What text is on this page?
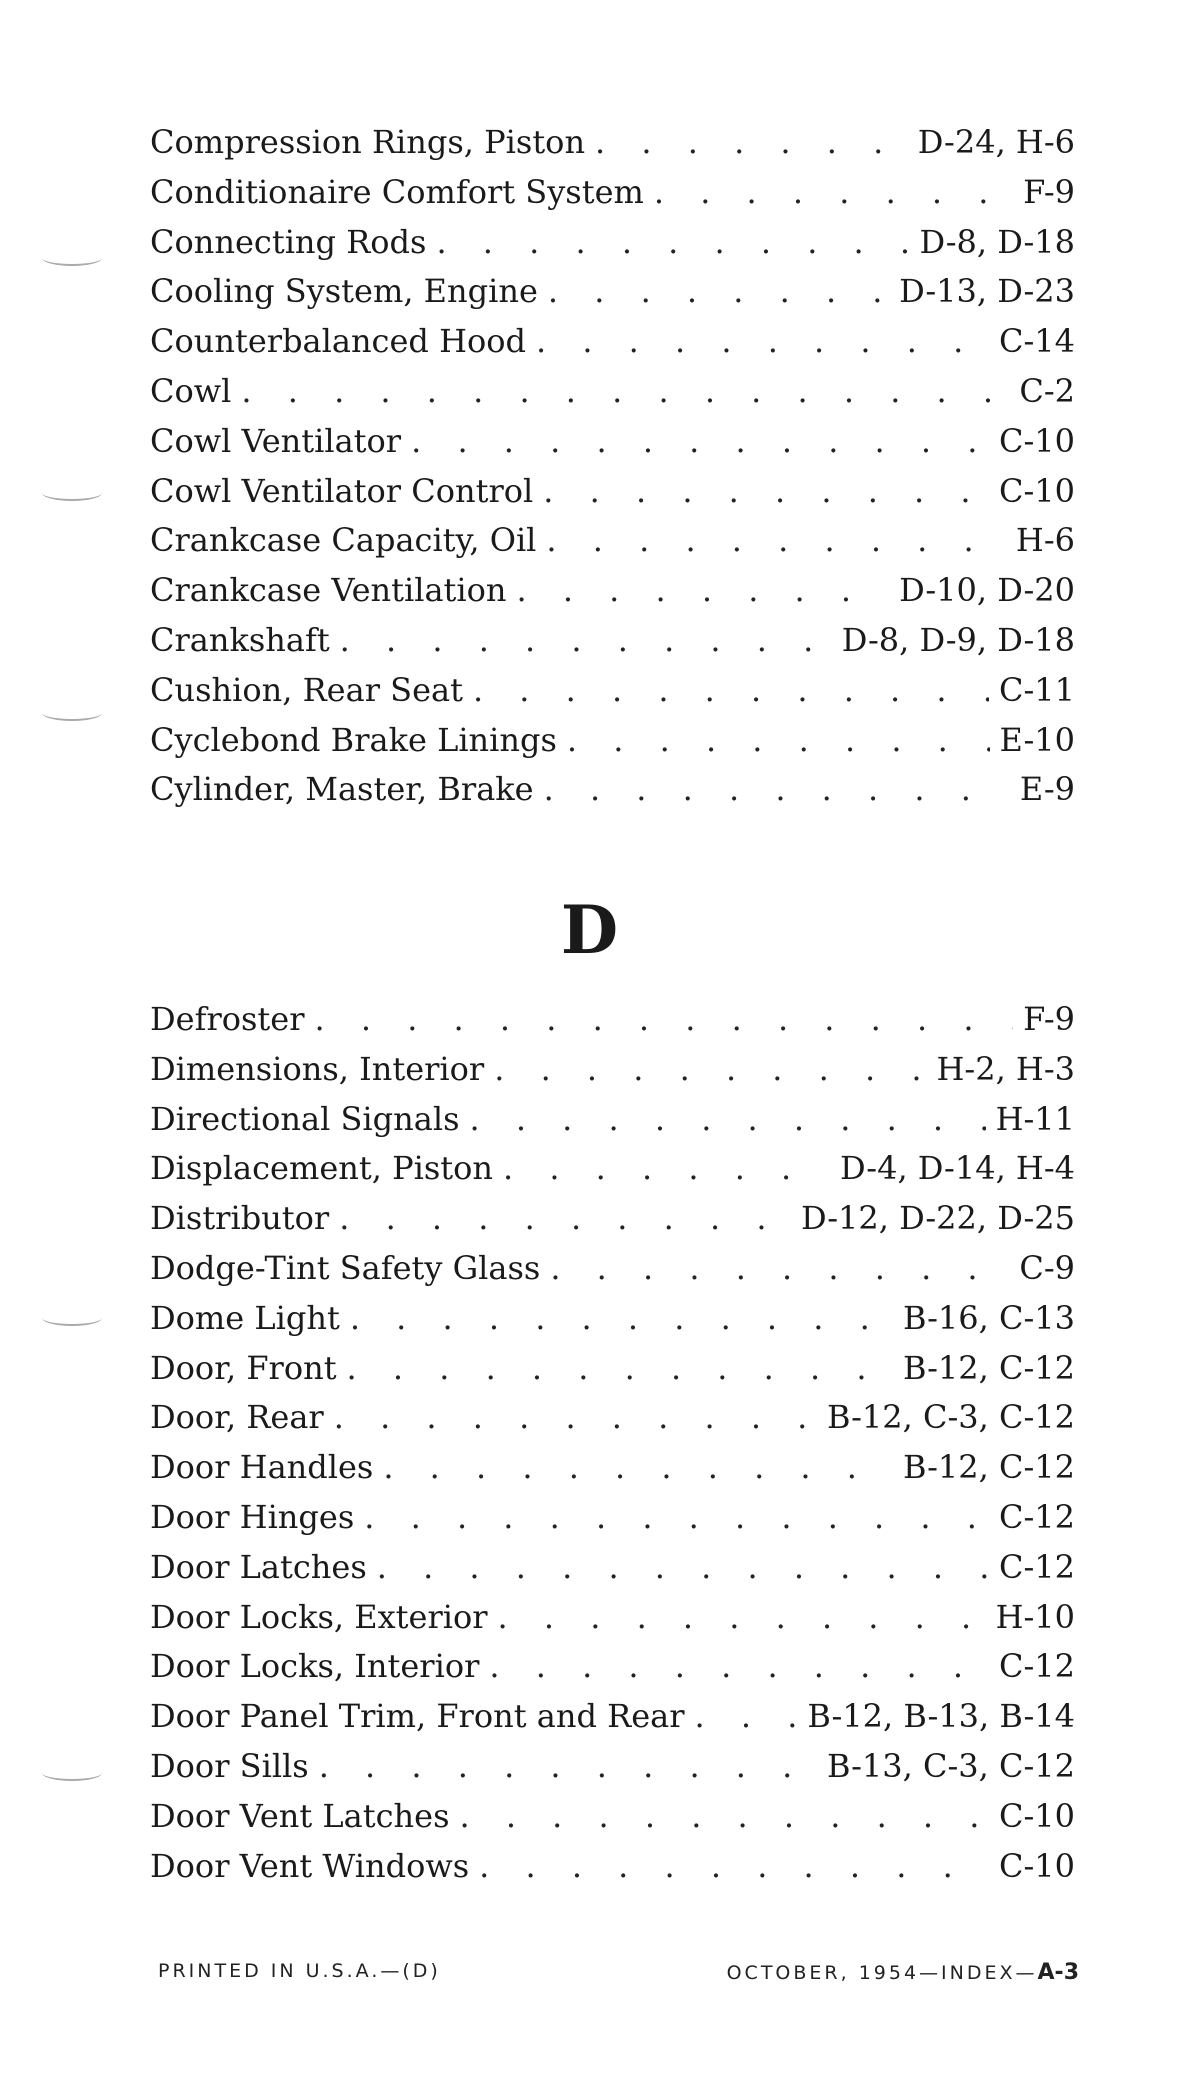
Compression Rings, Piston . . .	D-24, H-6
Conditionaire Comfort System . . .	F-9
Connecting Rods . . .	D-8, D-18
Cooling System, Engine . . .	D-13, D-23
Counterbalanced Hood . . .	C-14
Cowl . . .	C-2
Cowl Ventilator . . .	C-10
Cowl Ventilator Control . . .	C-10
Crankcase Capacity, Oil . . .	H-6
Crankcase Ventilation . . .	D-10, D-20
Crankshaft . . .	D-8, D-9, D-18
Cushion, Rear Seat . . .	C-11
Cyclebond Brake Linings . . .	E-10
Cylinder, Master, Brake . . .	E-9
D
Defroster . . .	F-9
Dimensions, Interior . . .	H-2, H-3
Directional Signals . . .	H-11
Displacement, Piston . . .	D-4, D-14, H-4
Distributor . . .	D-12, D-22, D-25
Dodge-Tint Safety Glass . . .	C-9
Dome Light . . .	B-16, C-13
Door, Front . . .	B-12, C-12
Door, Rear . . .	B-12, C-3, C-12
Door Handles . . .	B-12, C-12
Door Hinges . . .	C-12
Door Latches . . .	C-12
Door Locks, Exterior . . .	H-10
Door Locks, Interior . . .	C-12
Door Panel Trim, Front and Rear . . .	B-12, B-13, B-14
Door Sills . . .	B-13, C-3, C-12
Door Vent Latches . . .	C-10
Door Vent Windows . . .	C-10
PRINTED IN U.S.A.—(D)	OCTOBER, 1954—INDEX—A-3
